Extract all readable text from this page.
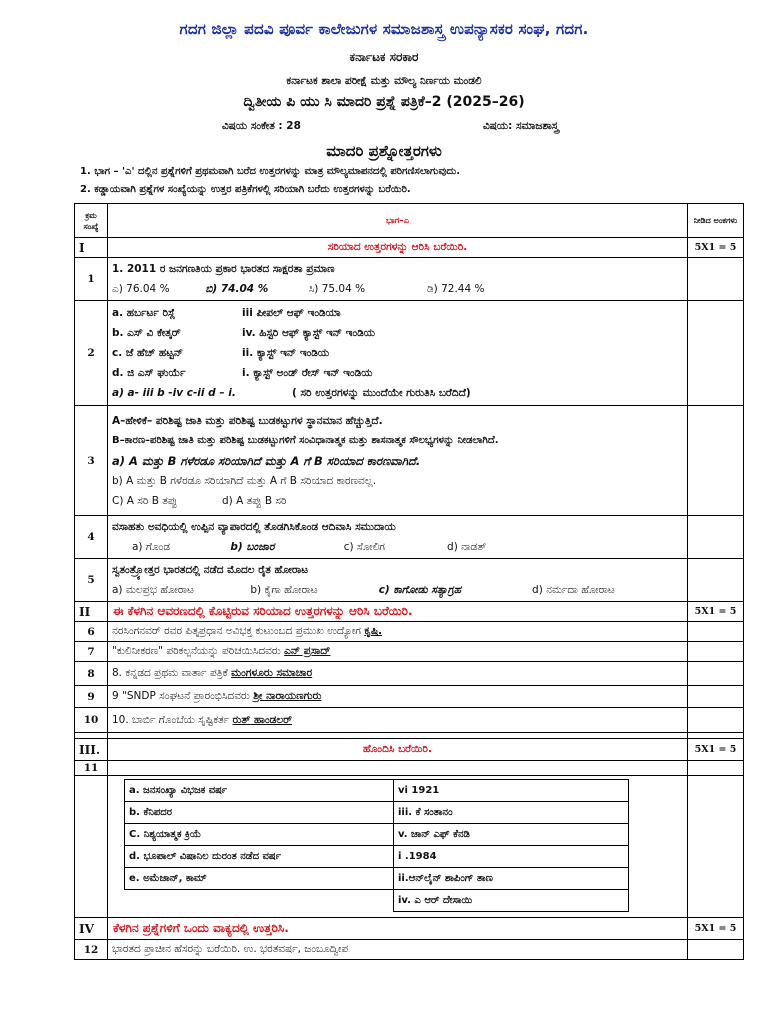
ಗದಗ ಜಿಲ್ಲಾ ಪದವಿ ಪೂರ್ವ ಕಾಲೇಜುಗಳ ಸಮಾಜಶಾಸ್ತ್ರ ಉಪನ್ಯಾಸಕರ ಸಂಘ, ಗದಗ.
ಕರ್ನಾಟಕ ಸರಕಾರ
ಕರ್ನಾಟಕ ಶಾಲಾ ಪರೀಕ್ಷೆ ಮತ್ತು ಮೌಲ್ಯ ನಿರ್ಣಯ ಮಂಡಲಿ
ದ್ವಿತೀಯ ಪಿ ಯು ಸಿ ಮಾದರಿ ಪ್ರಶ್ನೆ ಪತ್ರಿಕೆ–2 (2025–26)
ವಿಷಯ ಸಂಕೇತ : 28	ವಿಷಯ: ಸಮಾಜಶಾಸ್ತ್ರ
ಮಾದರಿ ಪ್ರಶ್ನೋತ್ತರಗಳು
1. ಭಾಗ – 'ಎ' ದಲ್ಲಿನ ಪ್ರಶ್ನೆಗಳಿಗೆ ಪ್ರಥಮವಾಗಿ ಬರೆದ ಉತ್ತರಗಳನ್ನು ಮಾತ್ರ ಮೌಲ್ಯಮಾಪನದಲ್ಲಿ ಪರಿಗಣಿಸಲಾಗುವುದು.
2. ಕಡ್ಡಾಯವಾಗಿ ಪ್ರಶ್ನೆಗಳ ಸಂಖ್ಯೆಯನ್ನು ಉತ್ತರ ಪತ್ರಿಕೆಗಳಲ್ಲಿ ಸರಿಯಾಗಿ ಬರೆದು ಉತ್ತರಗಳನ್ನು ಬರೆಯಿರಿ.
ಕ್ರಮ ಸಂಖ್ಯೆ	ಭಾಗ–ಎ	ನೀಡಿದ ಅಂಕಗಳು
I	ಸರಿಯಾದ ಉತ್ತರಗಳನ್ನು ಆರಿಸಿ ಬರೆಯಿರಿ.	5X1 = 5
1	
1. 2011 ರ ಜನಗಣತಿಯ ಪ್ರಕಾರ ಭಾರತದ ಸಾಕ್ಷರತಾ ಪ್ರಮಾಣ
ಎ) 76.04 %	ಬಿ) 74.04 %	ಸಿ) 75.04 %	ಡಿ) 72.44 %

2	
a. ಹರ್ಬರ್ಟ ರಿಸ್ಲೆ	iii ಪೀಪಲ್ ಆಫ್ ಇಂಡಿಯಾ
b. ಎಸ್ ವಿ ಕೇತ್ಕರ್	iv. ಹಿಸ್ಟರಿ ಆಫ್ ಕ್ಯಾಸ್ಟ್ ಇನ್ ಇಂಡಿಯ
c. ಜೆ ಹೆಚ್ ಹಟ್ಟನ್	ii. ಕ್ಯಾಸ್ಟ್ ಇನ್ ಇಂಡಿಯ
d. ಜಿ ಎಸ್ ಘುರ್ಯೆ	i. ಕ್ಯಾಸ್ಟ್ ಅಂಡ್ ರೇಸ್ ಇನ್ ಇಂಡಿಯ
a) a- iii b -iv c-ii d – i.	( ಸರಿ ಉತ್ತರಗಳನ್ನು ಮುಂದೆಯೇ ಗುರುತಿಸಿ ಬರೆದಿದೆ)

3	
A–ಹೇಳಿಕೆ– ಪರಿಶಿಷ್ಟ ಜಾತಿ ಮತ್ತು ಪರಿಶಿಷ್ಟ ಬುಡಕಟ್ಟುಗಳ ಸ್ಥಾನಮಾನ ಹೆಚ್ಚುತ್ತಿದೆ.
B–ಕಾರಣ–ಪರಿಶಿಷ್ಟ ಜಾತಿ ಮತ್ತು ಪರಿಶಿಷ್ಟ ಬುಡಕಟ್ಟುಗಳಿಗೆ ಸಂವಿಧಾನಾತ್ಮಕ ಮತ್ತು ಶಾಸನಾತ್ಮಕ ಸೌಲಭ್ಯಗಳನ್ನು ನೀಡಲಾಗಿದೆ.
a) A ಮತ್ತು B ಗಳೆರಡೂ ಸರಿಯಾಗಿದೆ ಮತ್ತು A ಗೆ B ಸರಿಯಾದ ಕಾರಣವಾಗಿದೆ.
b) A ಮತ್ತು B ಗಳೆರಡೂ ಸರಿಯಾಗಿದೆ ಮತ್ತು A ಗೆ B ಸರಿಯಾದ ಕಾರಣವಲ್ಲ.
C) A ಸರಿ B ತಪ್ಪು	d) A ತಪ್ಪು B ಸರಿ

4	
ವಸಾಹತು ಅವಧಿಯಲ್ಲಿ ಉಪ್ಪಿನ ವ್ಯಾಪಾರದಲ್ಲಿ ತೊಡಗಿಸಿಕೊಂಡ ಆದಿವಾಸಿ ಸಮುದಾಯ
a) ಗೊಂಡ	b) ಬಂಜಾರ	c) ಸೋಲಿಗ	d) ನಾಡತ್

5	
ಸ್ವತಂತ್ರ್ಯೋತ್ತರ ಭಾರತದಲ್ಲಿ ನಡೆದ ಮೊದಲ ರೈತ ಹೋರಾಟ
a) ಮಲಪ್ರಭ ಹೋರಾಟ	b) ಕೈಗಾ ಹೋರಾಟ	c) ಕಾಗೋಡು ಸತ್ಯಾಗ್ರಹ	d) ನರ್ಮದಾ ಹೋರಾಟ

II	ಈ ಕೆಳಗಿನ ಆವರಣದಲ್ಲಿ ಕೊಟ್ಟಿರುವ ಸರಿಯಾದ ಉತ್ತರಗಳನ್ನು ಆರಿಸಿ ಬರೆಯಿರಿ.	5X1 = 5
6	ನರಸಿಂಗನವರ್ ರವರ ಪಿತೃಪ್ರಧಾನ ಅವಿಭಕ್ತ ಕುಟುಂಬದ ಪ್ರಮುಖ ಉದ್ಯೋಗ ಕೃಷಿ.	
7	"ಕುಲಿನೀಕರಣ" ಪರಿಕಲ್ಪನೆಯನ್ನು ಪರಿಚಯಿಸಿದವರು ಎನ್ ಪ್ರಸಾದ್	
8	8. ಕನ್ನಡದ ಪ್ರಥಮ ವಾರ್ತಾ ಪತ್ರಿಕೆ ಮಂಗಳೂರು ಸಮಾಚಾರ	
9	9 "SNDP ಸಂಘಟನೆ ಪ್ರಾರಂಭಿಸಿದವರು ಶ್ರೀ ನಾರಾಯಣಗುರು	
10	10. ಬಾರ್ಬಿ ಗೊಂಬೆಯ ಸೃಷ್ಟಿಕರ್ತ ರುತ್ ಹಾಂಡಲರ್	

III.	ಹೊಂದಿಸಿ ಬರೆಯಿರಿ.	5X1 = 5
11		

a. ಜನಸಂಖ್ಯಾ ವಿಭಜಕ ವರ್ಷ	vi 1921
b. ಕೆನಿಪದರ	iii. ಕೆ ಸಂತಾನಂ
C. ನಿಶ್ಯಯಾತ್ಮಕ ಕ್ರಿಯೆ	v. ಜಾನ್ ಎಫ್ ಕೆನಡಿ
d. ಭೂಪಾಲ್ ವಿಷಾನಿಲ ದುರಂತ ನಡೆದ ವರ್ಷ	i .1984
e. ಅಮೆಜಾನ್, ಕಾಮ್	ii.ಆನ್‌ಲೈನ್ ಶಾಪಿಂಗ್ ತಾಣ
	iv. ಎ ಆರ್ ದೇಸಾಯಿ

IV	ಕೆಳಗಿನ ಪ್ರಶ್ನೆಗಳಿಗೆ ಒಂದು ವಾಕ್ಯದಲ್ಲಿ ಉತ್ತರಿಸಿ.	5X1 = 5
12	ಭಾರತದ ಪ್ರಾಚೀನ ಹೆಸರನ್ನು ಬರೆಯಿರಿ. ಉ. ಭರತವರ್ಷ, ಜಂಬೂದ್ವೀಪ	
